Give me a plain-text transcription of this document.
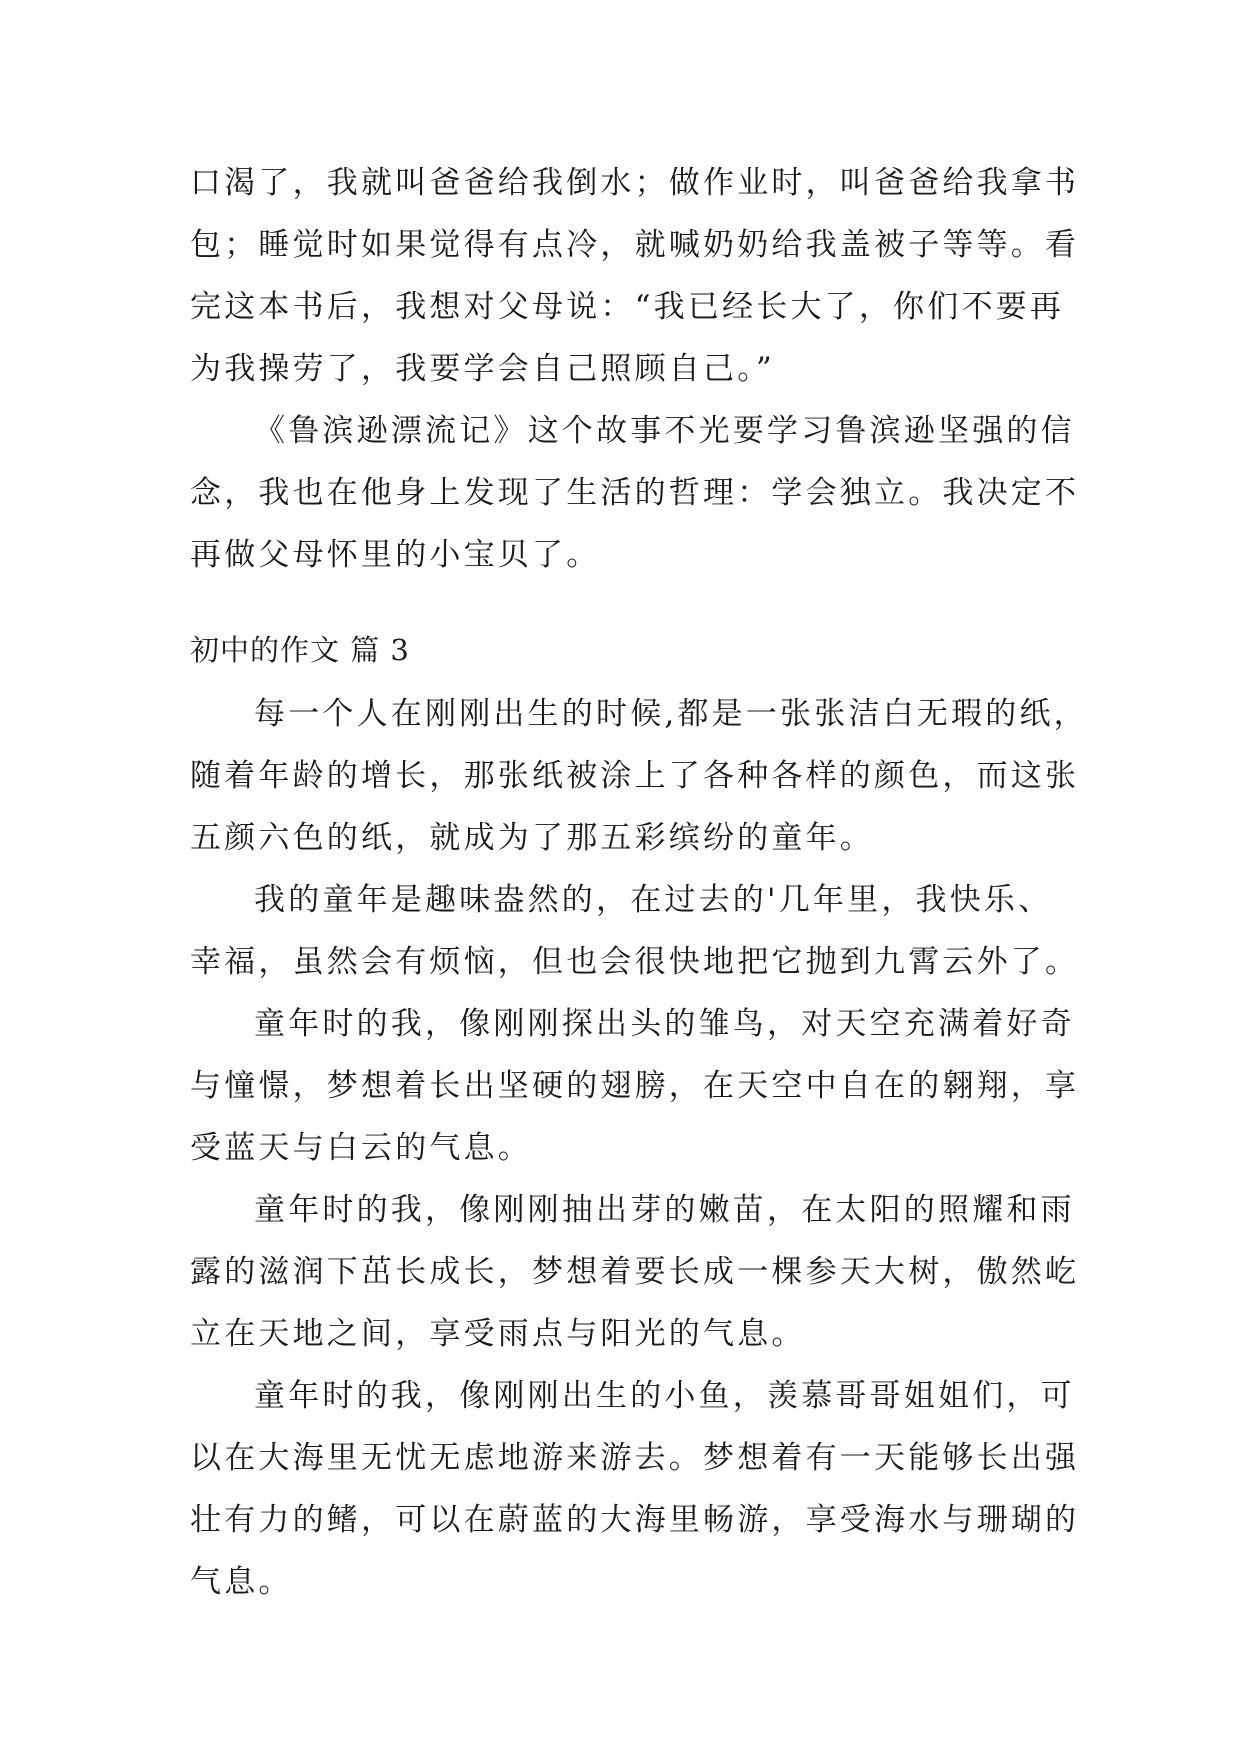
口渴了，我就叫爸爸给我倒水；做作业时，叫爸爸给我拿书
包；睡觉时如果觉得有点冷，就喊奶奶给我盖被子等等。看
完这本书后，我想对父母说：“我已经长大了，你们不要再
为我操劳了，我要学会自己照顾自己。”
《鲁滨逊漂流记》这个故事不光要学习鲁滨逊坚强的信
念，我也在他身上发现了生活的哲理：学会独立。我决定不
再做父母怀里的小宝贝了。
初中的作文 篇 3
每一个人在刚刚出生的时候,都是一张张洁白无瑕的纸，
随着年龄的增长，那张纸被涂上了各种各样的颜色，而这张
五颜六色的纸，就成为了那五彩缤纷的童年。
我的童年是趣味盎然的，在过去的'几年里，我快乐、
幸福，虽然会有烦恼，但也会很快地把它抛到九霄云外了。
童年时的我，像刚刚探出头的雏鸟，对天空充满着好奇
与憧憬，梦想着长出坚硬的翅膀，在天空中自在的翱翔，享
受蓝天与白云的气息。
童年时的我，像刚刚抽出芽的嫩苗，在太阳的照耀和雨
露的滋润下茁长成长，梦想着要长成一棵参天大树，傲然屹
立在天地之间，享受雨点与阳光的气息。
童年时的我，像刚刚出生的小鱼，羡慕哥哥姐姐们，可
以在大海里无忧无虑地游来游去。梦想着有一天能够长出强
壮有力的鳍，可以在蔚蓝的大海里畅游，享受海水与珊瑚的
气息。
